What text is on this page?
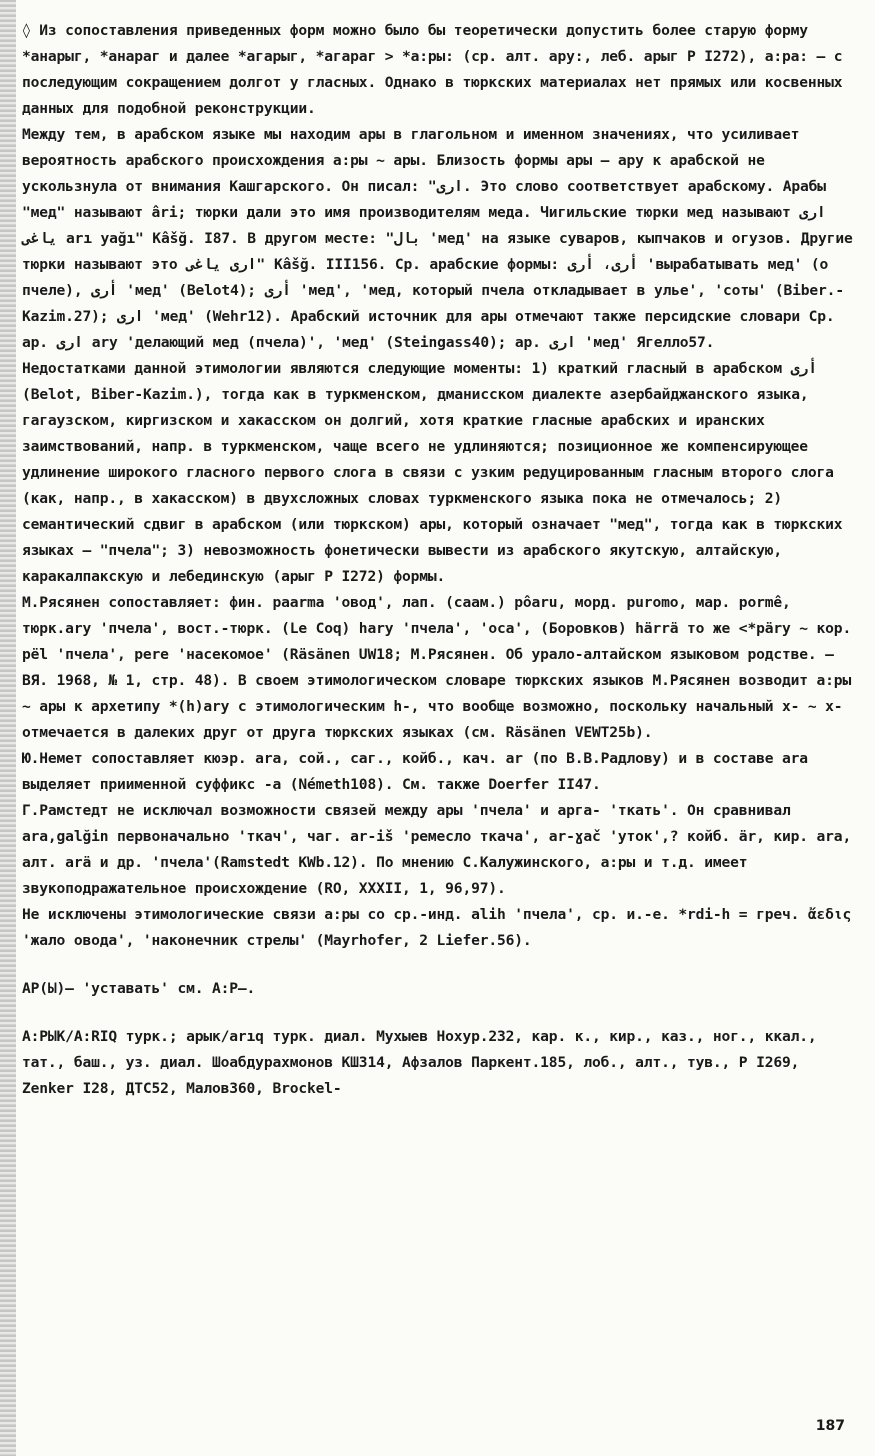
◊ Из сопоставления приведенных форм можно было бы теоретически допустить более старую форму *анарыг, *анараг и далее *агарыг, *агараг > *а:ры: (ср. алт. ару:, леб. арыг Р I272), а:ра: – с последующим сокращением долгот у гласных. Однако в тюркских материалах нет прямых или косвенных данных для подобной реконструкции.

Между тем, в арабском языке мы находим ары в глагольном и именном значениях, что усиливает вероятность арабского происхождения а:ры ~ ары. Близость формы ары – ару к арабской не ускользнула от внимания Кашгарского. Он писал: "اری. Это слово соответствует арабскому. Арабы "мед" называют âri; тюрки дали это имя производителям меда. Чигильские тюрки мед называют اری یاغی arı yağı" Kâšğ. I87. В другом месте: "بال 'мед' на языке суваров, кыпчаков и огузов. Другие тюрки называют это اری یاغی" Kâšğ. III156. Ср. арабские формы: أری، أرى 'вырабатывать мед' (о пчеле), أری 'мед' (Belot4); أرى 'мед', 'мед, который пчела откладывает в улье', 'соты' (Biber.-Kazim.27); اری 'мед' (Wehr12). Арабский источник для ары отмечают также персидские словари Ср. ар. اری ary 'делающий мед (пчела)', 'мед' (Steingass40); ар. اری 'мед' Ягелло57.

Недостатками данной этимологии являются следующие моменты: 1) краткий гласный в арабском أرى (Belot, Biber-Kazim.), тогда как в туркменском, дманисском диалекте азербайджанского языка, гагаузском, киргизском и хакасском он долгий, хотя краткие гласные арабских и иранских заимствований, напр. в туркменском, чаще всего не удлиняются; позиционное же компенсирующее удлинение широкого гласного первого слога в связи с узким редуцированным гласным второго слога (как, напр., в хакасском) в двухсложных словах туркменского языка пока не отмечалось; 2) семантический сдвиг в арабском (или тюркском) ары, который означает "мед", тогда как в тюркских языках – "пчела"; 3) невозможность фонетически вывести из арабского якутскую, алтайскую, каракалпакскую и лебединскую (арыг Р I272) формы.

М.Рясянен сопоставляет: фин. paarma 'овод', лап. (саам.) pôaru, морд. puromo, мар. pormê, тюрк.ary 'пчела', вост.-тюрк. (Le Coq) hary 'пчела', 'оса', (Боровков) härrä то же <*päry ~ кор. pël 'пчела', pere 'насекомое' (Räsänen UW18; М.Рясянен. Об урало-алтайском языковом родстве. – ВЯ. 1968, № 1, стр. 48). В своем этимологическом словаре тюркских языков М.Рясянен возводит а:ры ~ ары к архетипу *(h)ary с этимологическим h-, что вообще возможно, поскольку начальный х- ~ х- отмечается в далеких друг от друга тюркских языках (см. Räsänen VEWT25b).

Ю.Немет сопоставляет кюэр. ara, сой., саг., койб., кач. ar (по В.В.Радлову) и в составе ara выделяет приименной суффикс -a (Németh108). См. также Doerfer II47.

Г.Рамстедт не исключал возможности связей между ары 'пчела' и арга- 'ткать'. Он сравнивал ara,galğin первоначально 'ткач', чаг. ar-iš 'ремесло ткача', ar-ɣač 'уток',? койб. är, кир. ara, алт. arä и др. 'пчела'(Ramstedt KWb.12). По мнению С.Калужинского, а:ры и т.д. имеет звукоподражательное происхождение (RO, XXXII, 1, 96,97).

Не исключены этимологические связи а:ры со ср.-инд. alih 'пчела', ср. и.-е. *rdi-h = греч. ἄεδις 'жало овода', 'наконечник стрелы' (Mayrhofer, 2 Liefer.56).

АР(Ы)– 'уставать' см. А:Р–.

А:РЫК/A:RIQ турк.; арык/arıq турк. диал. Мухыев Нохур.232, кар. к., кир., каз., ног., ккал., тат., баш., уз. диал. Шоабдурахмонов КШ314, Афзалов Паркент.185, лоб., алт., тув., Р I269, Zenker I28, ДТС52, Малов360, Brockel-

187
